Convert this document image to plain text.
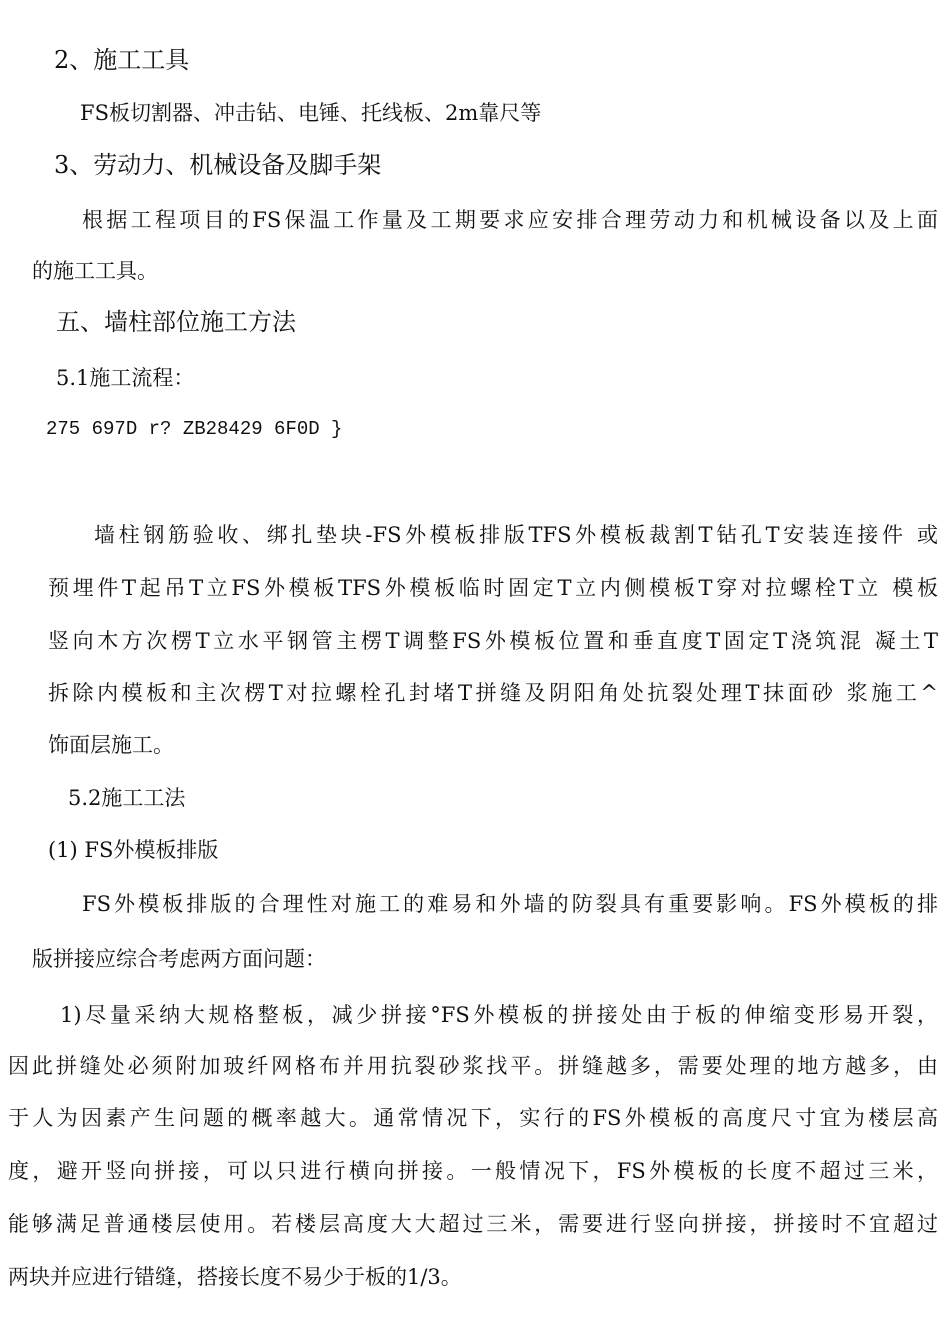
2、施工工具
FS板切割器、冲击钻、电锤、托线板、2m靠尺等
3、劳动力、机械设备及脚手架
根据工程项目的FS保温工作量及工期要求应安排合理劳动力和机械设备以及上面
的施工工具。
五、墙柱部位施工方法
5.1施工流程：
275 697D r? ZB28429 6F0D }
墙柱钢筋验收、绑扎垫块-FS外模板排版TFS外模板裁割T钻孔T安装连接件 或
预埋件T起吊T立FS外模板TFS外模板临时固定T立内侧模板T穿对拉螺栓T立 模板
竖向木方次楞T立水平钢管主楞T调整FS外模板位置和垂直度T固定T浇筑混 凝土T
拆除内模板和主次楞T对拉螺栓孔封堵T拼缝及阴阳角处抗裂处理T抹面砂 浆施工^
饰面层施工。
5.2施工工法
(1) FS外模板排版
FS外模板排版的合理性对施工的难易和外墙的防裂具有重要影响。FS外模板的排
版拼接应综合考虑两方面问题：
1)尽量采纳大规格整板，减少拼接°FS外模板的拼接处由于板的伸缩变形易开裂，
因此拼缝处必须附加玻纤网格布并用抗裂砂浆找平。拼缝越多，需要处理的地方越多，由
于人为因素产生问题的概率越大。通常情况下，实行的FS外模板的高度尺寸宜为楼层高
度，避开竖向拼接，可以只进行横向拼接。一般情况下，FS外模板的长度不超过三米，
能够满足普通楼层使用。若楼层高度大大超过三米，需要进行竖向拼接，拼接时不宜超过
两块并应进行错缝，搭接长度不易少于板的1/3。
